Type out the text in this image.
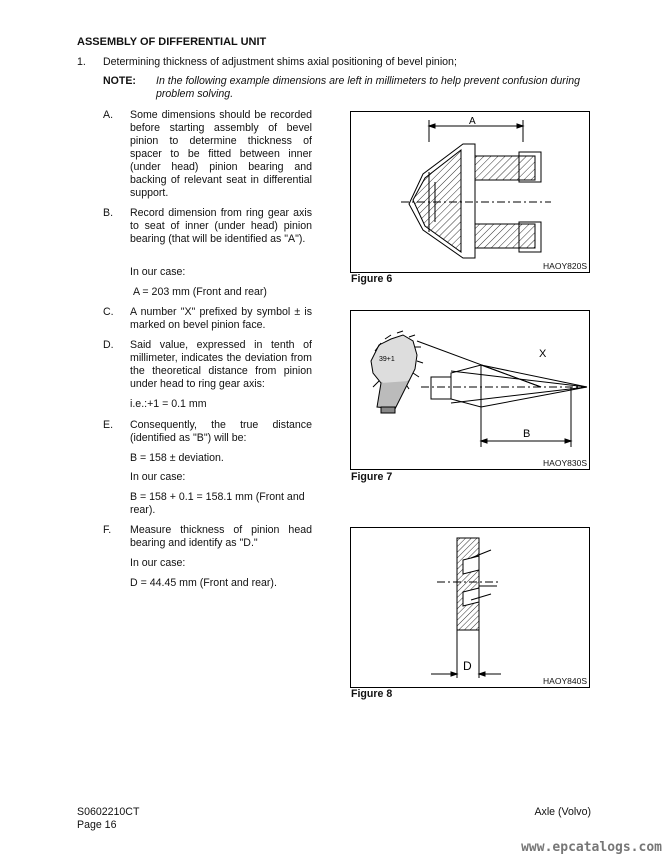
ASSEMBLY OF DIFFERENTIAL UNIT
1. Determining thickness of adjustment shims axial positioning of bevel pinion;
NOTE: In the following example dimensions are left in millimeters to help prevent confusion during
problem solving.
A. Some dimensions should be recorded before starting assembly of bevel pinion to determine thickness of spacer to be fitted between inner (under head) pinion bearing and backing of relevant seat in differential support.
B. Record dimension from ring gear axis to seat of inner (under head) pinion bearing (that will be identified as "A").
In our case:
A = 203 mm (Front and rear)
C. A number "X" prefixed by symbol ± is marked on bevel pinion face.
D. Said value, expressed in tenth of millimeter, indicates the deviation from the theoretical distance from pinion under head to ring gear axis:
i.e.:+1 = 0.1 mm
E. Consequently, the true distance (identified as "B") will be:
B = 158 ± deviation.
In our case:
B = 158 + 0.1 = 158.1 mm (Front and rear).
F. Measure thickness of pinion head bearing and identify as "D."
In our case:
D = 44.45 mm (Front and rear).
A
HAOY820S
Figure 6
39+1	X
B
HAOY830S
Figure 7
D
HAOY840S
Figure 8
S0602210CT
Page 16
Axle (Volvo)
www.epcatalogs.com
